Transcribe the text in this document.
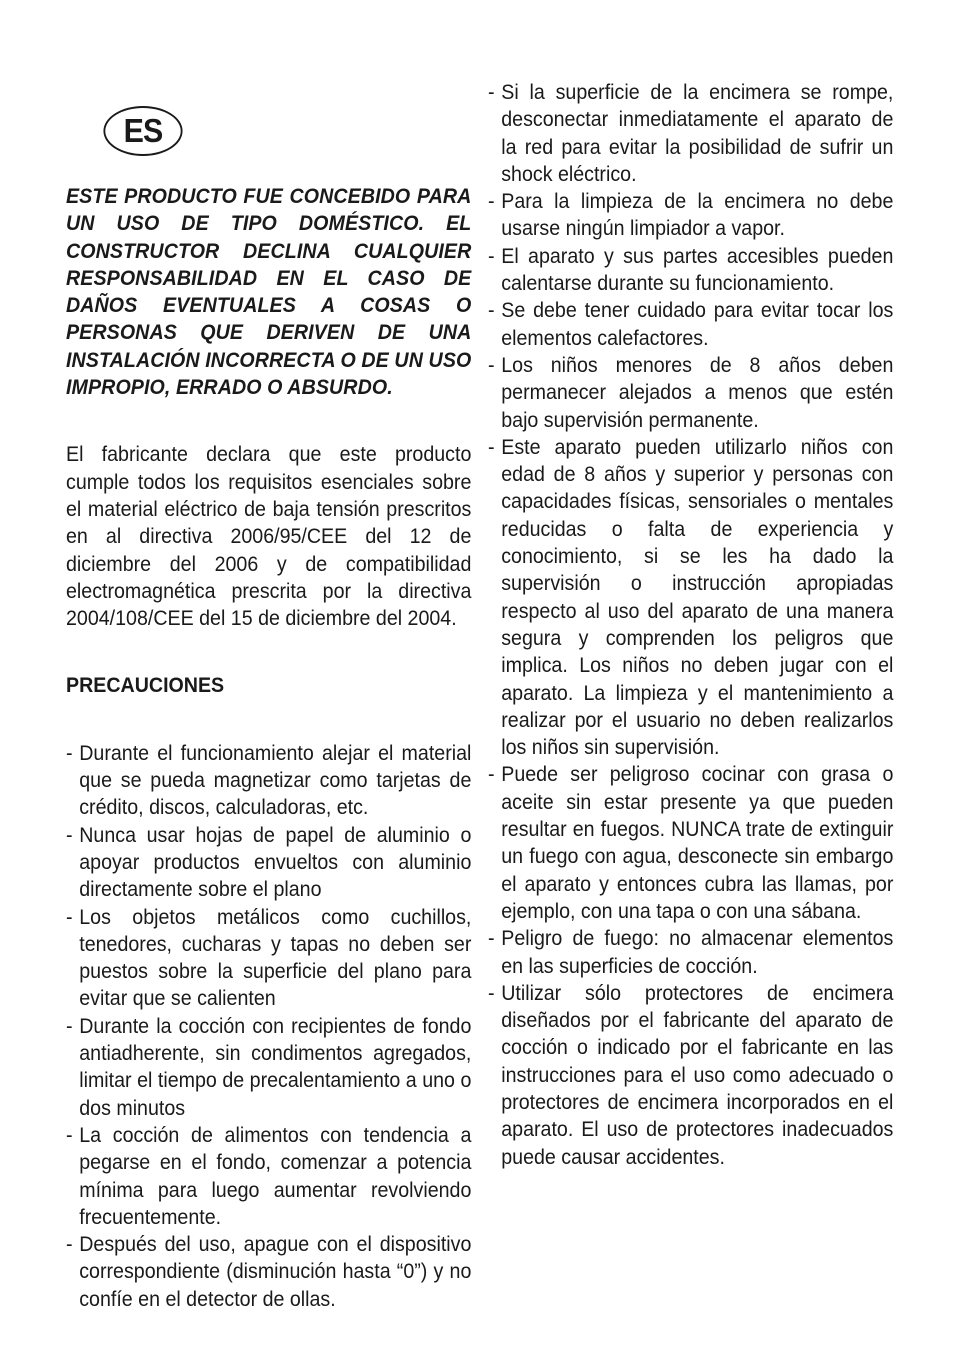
ES

ESTE PRODUCTO FUE CONCEBIDO PARA UN USO DE TIPO DOMÉSTICO. EL CONSTRUCTOR DECLINA CUALQUIER RESPONSABILIDAD EN EL CASO DE DAÑOS EVENTUALES A COSAS O PERSONAS QUE DERIVEN DE UNA INSTALACIÓN INCORRECTA O DE UN USO IMPROPIO, ERRADO O ABSURDO.

El fabricante declara que este producto cumple todos los requisitos esenciales sobre el material eléctrico de baja tensión prescritos en al directiva 2006/95/CEE del 12 de diciembre del 2006 y de compatibilidad electromagnética prescrita por la directiva 2004/108/CEE del 15 de diciembre del 2004.

PRECAUCIONES

- Durante el funcionamiento alejar el material que se pueda magnetizar como tarjetas de crédito, discos, calculadoras, etc.
- Nunca usar hojas de papel de aluminio o apoyar productos envueltos con aluminio directamente sobre el plano
- Los objetos metálicos como cuchillos, tenedores, cucharas y tapas no deben ser puestos sobre la superficie del plano para evitar que se calienten
- Durante la cocción con recipientes de fondo antiadherente, sin condimentos agregados, limitar el tiempo de precalentamiento a uno o dos minutos
- La cocción de alimentos con tendencia a pegarse en el fondo, comenzar a potencia mínima para luego aumentar revolviendo frecuentemente.
- Después del uso, apague con el dispositivo correspondiente (disminución hasta “0”) y no confíe en el detector de ollas.
- Si la superficie de la encimera se rompe, desconectar inmediatamente el aparato de la red para evitar la posibilidad de sufrir un shock eléctrico.
- Para la limpieza de la encimera no debe usarse ningún limpiador a vapor.
- El aparato y sus partes accesibles pueden calentarse durante su funcionamiento.
- Se debe tener cuidado para evitar tocar los elementos calefactores.
- Los niños menores de 8 años deben permanecer alejados a menos que estén bajo supervisión permanente.
- Este aparato pueden utilizarlo niños con edad de 8 años y superior y personas con capacidades físicas, sensoriales o mentales reducidas o falta de experiencia y conocimiento, si se les ha dado la supervisión o instrucción apropiadas respecto al uso del aparato de una manera segura y comprenden los peligros que implica. Los niños no deben jugar con el aparato. La limpieza y el mantenimiento a realizar por el usuario no deben realizarlos los niños sin supervisión.
- Puede ser peligroso cocinar con grasa o aceite sin estar presente ya que pueden resultar en fuegos. NUNCA trate de extinguir un fuego con agua, desconecte sin embargo el aparato y entonces cubra las llamas, por ejemplo, con una tapa o con una sábana.
- Peligro de fuego: no almacenar elementos en las superficies de cocción.
- Utilizar sólo protectores de encimera diseñados por el fabricante del aparato de cocción o indicado por el fabricante en las instrucciones para el uso como adecuado o protectores de encimera incorporados en el aparato. El uso de protectores inadecuados puede causar accidentes.
